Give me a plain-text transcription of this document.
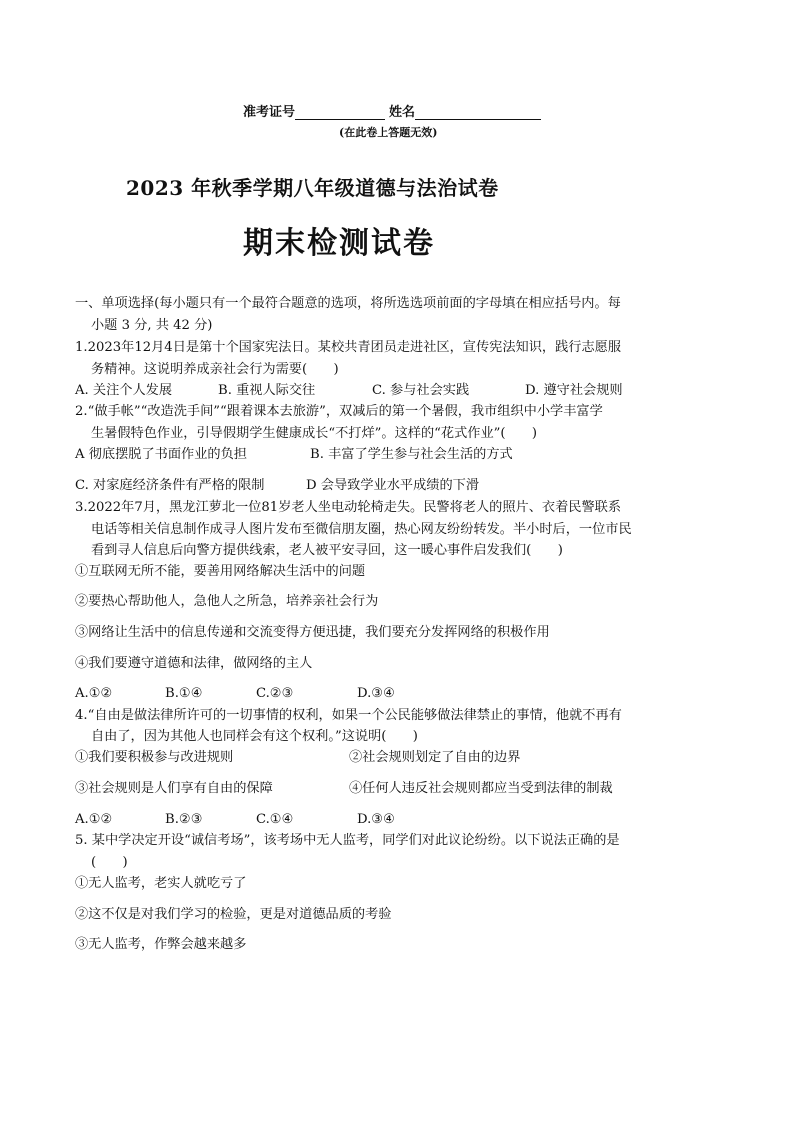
准考证号	姓名
(在此卷上答题无效)
2023 年秋季学期八年级道德与法治试卷
期末检测试卷
一、单项选择(每小题只有一个最符合题意的选项，将所选选项前面的字母填在相应括号内。每
小题 3 分, 共 42 分)
1.2023年12月4日是第十个国家宪法日。某校共青团员走进社区，宣传宪法知识，践行志愿服
务精神。这说明养成亲社会行为需要(　　)
A. 关注个人发展	B. 重视人际交往	C. 参与社会实践	D. 遵守社会规则
2.“做手帐”“改造洗手间”“跟着课本去旅游”，双减后的第一个暑假，我市组织中小学丰富学
生暑假特色作业，引导假期学生健康成长“不打烊”。这样的“花式作业”(　　)
A 彻底摆脱了书面作业的负担	B. 丰富了学生参与社会生活的方式
C. 对家庭经济条件有严格的限制	D 会导致学业水平成绩的下滑
3.2022年7月，黑龙江萝北一位81岁老人坐电动轮椅走失。民警将老人的照片、衣着民警联系
电话等相关信息制作成寻人图片发布至微信朋友圈，热心网友纷纷转发。半小时后，一位市民
看到寻人信息后向警方提供线索，老人被平安寻回，这一暖心事件启发我们(　　)
①互联网无所不能，要善用网络解决生活中的问题
②要热心帮助他人，急他人之所急，培养亲社会行为
③网络让生活中的信息传递和交流变得方便迅捷，我们要充分发挥网络的积极作用
④我们要遵守道德和法律，做网络的主人
A.①②	B.①④	C.②③	D.③④
4.“自由是做法律所许可的一切事情的权利，如果一个公民能够做法律禁止的事情，他就不再有
自由了，因为其他人也同样会有这个权利。”这说明(　　)
①我们要积极参与改进规则	②社会规则划定了自由的边界
③社会规则是人们享有自由的保障	④任何人违反社会规则都应当受到法律的制裁
A.①②	B.②③	C.①④	D.③④
5. 某中学决定开设“诚信考场”，该考场中无人监考，同学们对此议论纷纷。以下说法正确的是
(　　)
①无人监考，老实人就吃亏了
②这不仅是对我们学习的检验，更是对道德品质的考验
③无人监考，作弊会越来越多
